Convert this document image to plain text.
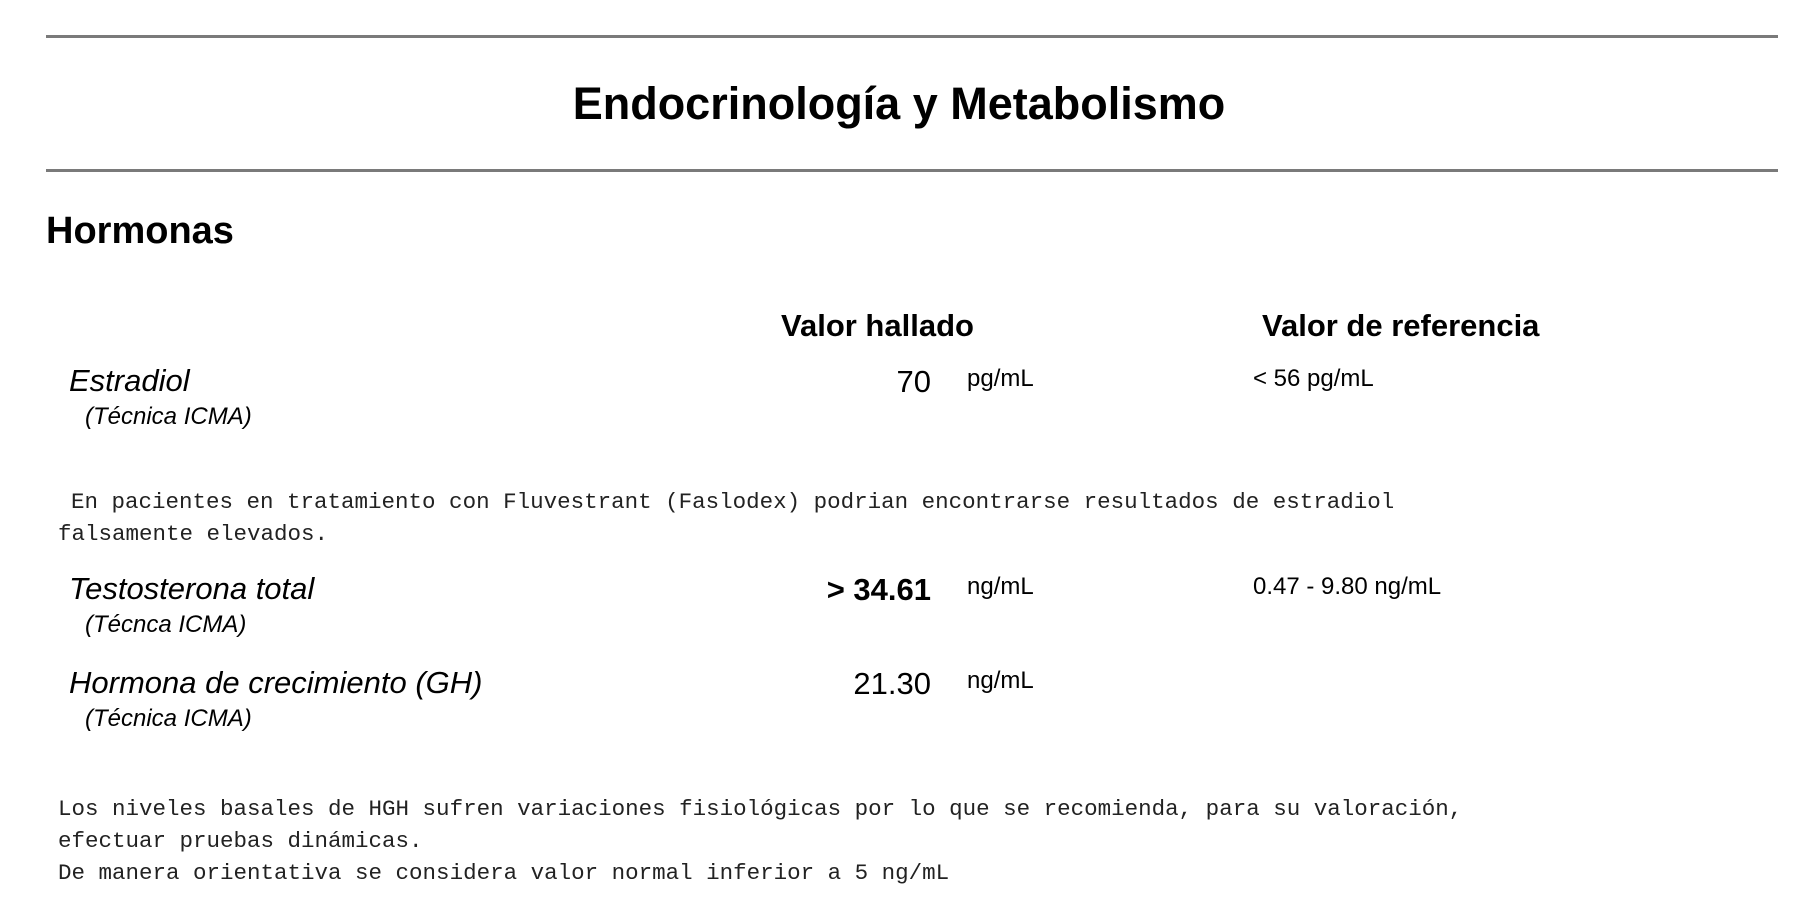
Endocrinología y Metabolismo
Hormonas
Valor hallado	Valor de referencia
Estradiol
(Técnica ICMA)
70 pg/mL	< 56 pg/mL

En pacientes en tratamiento con Fluvestrant (Faslodex) podrian encontrarse resultados de estradiol
falsamente elevados.

Testosterona total
(Técnca ICMA)
> 34.61 ng/mL	0.47 - 9.80 ng/mL
Hormona de crecimiento (GH)
(Técnica ICMA)
21.30 ng/mL

Los niveles basales de HGH sufren variaciones fisiológicas por lo que se recomienda, para su valoración,
efectuar pruebas dinámicas.
De manera orientativa se considera valor normal inferior a 5 ng/mL
